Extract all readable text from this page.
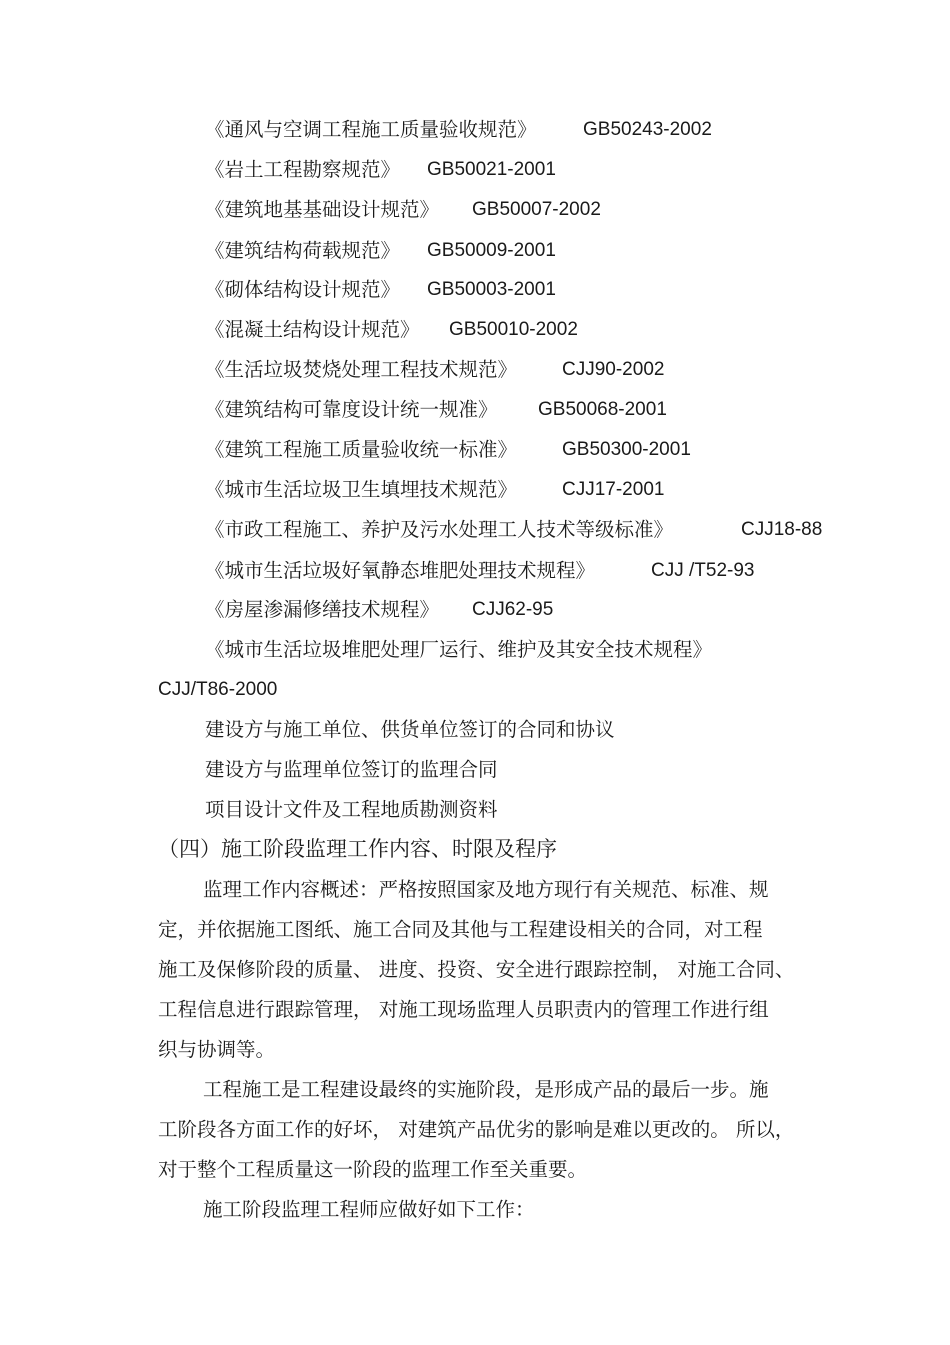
《通风与空调工程施工质量验收规范》 GB50243-2002
《岩土工程勘察规范》 GB50021-2001
《建筑地基基础设计规范》 GB50007-2002
《建筑结构荷载规范》 GB50009-2001
《砌体结构设计规范》 GB50003-2001
《混凝土结构设计规范》 GB50010-2002
《生活垃圾焚烧处理工程技术规范》 CJJ90-2002
《建筑结构可靠度设计统一规准》 GB50068-2001
《建筑工程施工质量验收统一标准》 GB50300-2001
《城市生活垃圾卫生填埋技术规范》 CJJ17-2001
《市政工程施工、养护及污水处理工人技术等级标准》	CJJ18-88
《城市生活垃圾好氧静态堆肥处理技术规程》	CJJ /T52-93
《房屋渗漏修缮技术规程》 CJJ62-95
《城市生活垃圾堆肥处理厂运行、维护及其安全技术规程》
CJJ/T86-2000
建设方与施工单位、供货单位签订的合同和协议
建设方与监理单位签订的监理合同
项目设计文件及工程地质勘测资料
（四）施工阶段监理工作内容、时限及程序
监理工作内容概述：严格按照国家及地方现行有关规范、标准、规
定，并依据施工图纸、施工合同及其他与工程建设相关的合同，对工程
施工及保修阶段的质量、 进度、投资、安全进行跟踪控制， 对施工合同、
工程信息进行跟踪管理， 对施工现场监理人员职责内的管理工作进行组
织与协调等。
工程施工是工程建设最终的实施阶段，是形成产品的最后一步。施
工阶段各方面工作的好坏， 对建筑产品优劣的影响是难以更改的。 所以，
对于整个工程质量这一阶段的监理工作至关重要。
施工阶段监理工程师应做好如下工作：
